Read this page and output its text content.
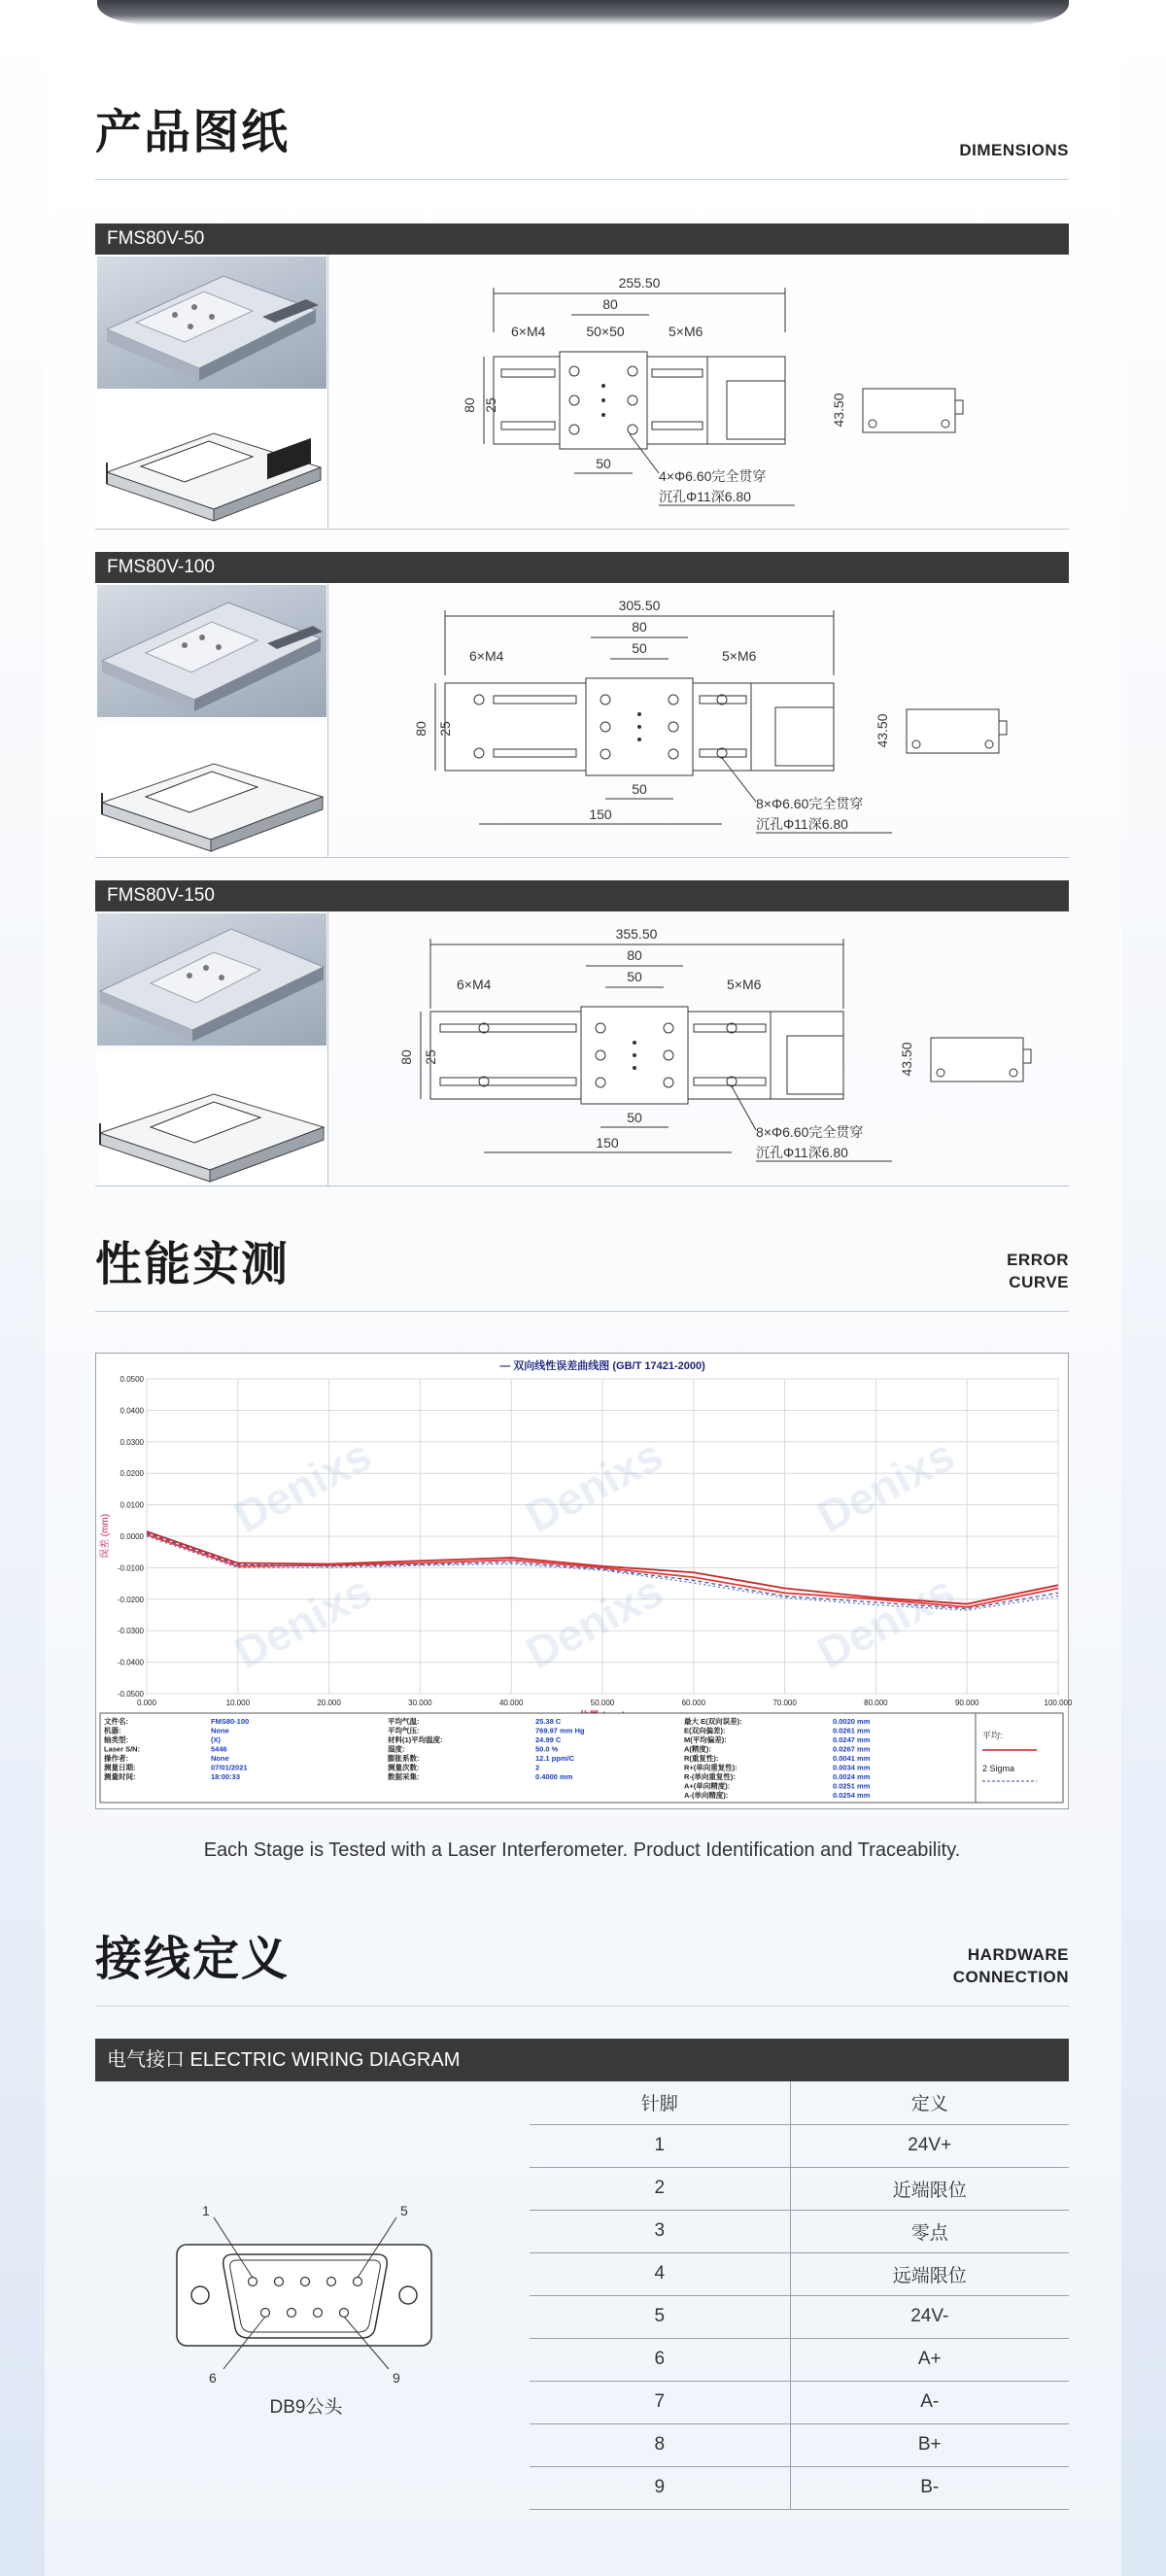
产品图纸	DIMENSIONS
FMS80V-50
255.50
80
50×50
6×M4	5×M6
80 25
50
4×Φ6.60完全贯穿
沉孔Φ11深6.80
43.50
FMS80V-100
305.50
80
50
6×M4	5×M6
80 25
50
150
8×Φ6.60完全贯穿
沉孔Φ11深6.80
43.50
FMS80V-150
355.50
80
50
6×M4	5×M6
80 25
50
150
8×Φ6.60完全贯穿
沉孔Φ11深6.80
43.50
性能实测	ERROR
CURVE
— 双向线性误差曲线图 (GB/T 17421-2000)
0.000	10.000	20.000	30.000	40.000	50.000	60.000	70.000	80.000	90.000	100.000
0.0500
0.0400
0.0300
0.0200
0.0100
0.0000
-0.0100
-0.0200
-0.0300
-0.0400
-0.0500
误差 (mm)	Denixs	Denixs	Denixs
Denixs	Denixs	Denixs
文件名:	FMS80-100
机器:	None
轴类型:	(X)
Laser S/N:	5446
操作者:	None
测量日期:	07/01/2021
测量时间:	18:00:33
平均气温:	25.38 C
平均气压:	769.97 mm Hg
材料(1)平均温度:	24.99 C
湿度:	50.0 %
膨胀系数:	12.1 ppm/C
测量次数:	2
数据采集:	0.4000 mm
最大 E(双向误差):	0.0020 mm
E(双向偏差):	0.0261 mm
M(平均偏差):	0.0247 mm
A(精度):	0.0267 mm
R(重复性):	0.0041 mm
R+(单向重复性):	0.0034 mm
R-(单向重复性):	0.0024 mm
A+(单向精度):	0.0251 mm
A-(单向精度):	0.0254 mm
平均:
2 Sigma
Each Stage is Tested with a Laser Interferometer. Product Identification and Traceability.
接线定义	HARDWARE
CONNECTION
电气接口 ELECTRIC WIRING DIAGRAM
1	5
6	9
DB9公头
针脚	定义
1	24V+
2	近端限位
3	零点
4	远端限位
5	24V-
6	A+
7	A-
8	B+
9	B-
